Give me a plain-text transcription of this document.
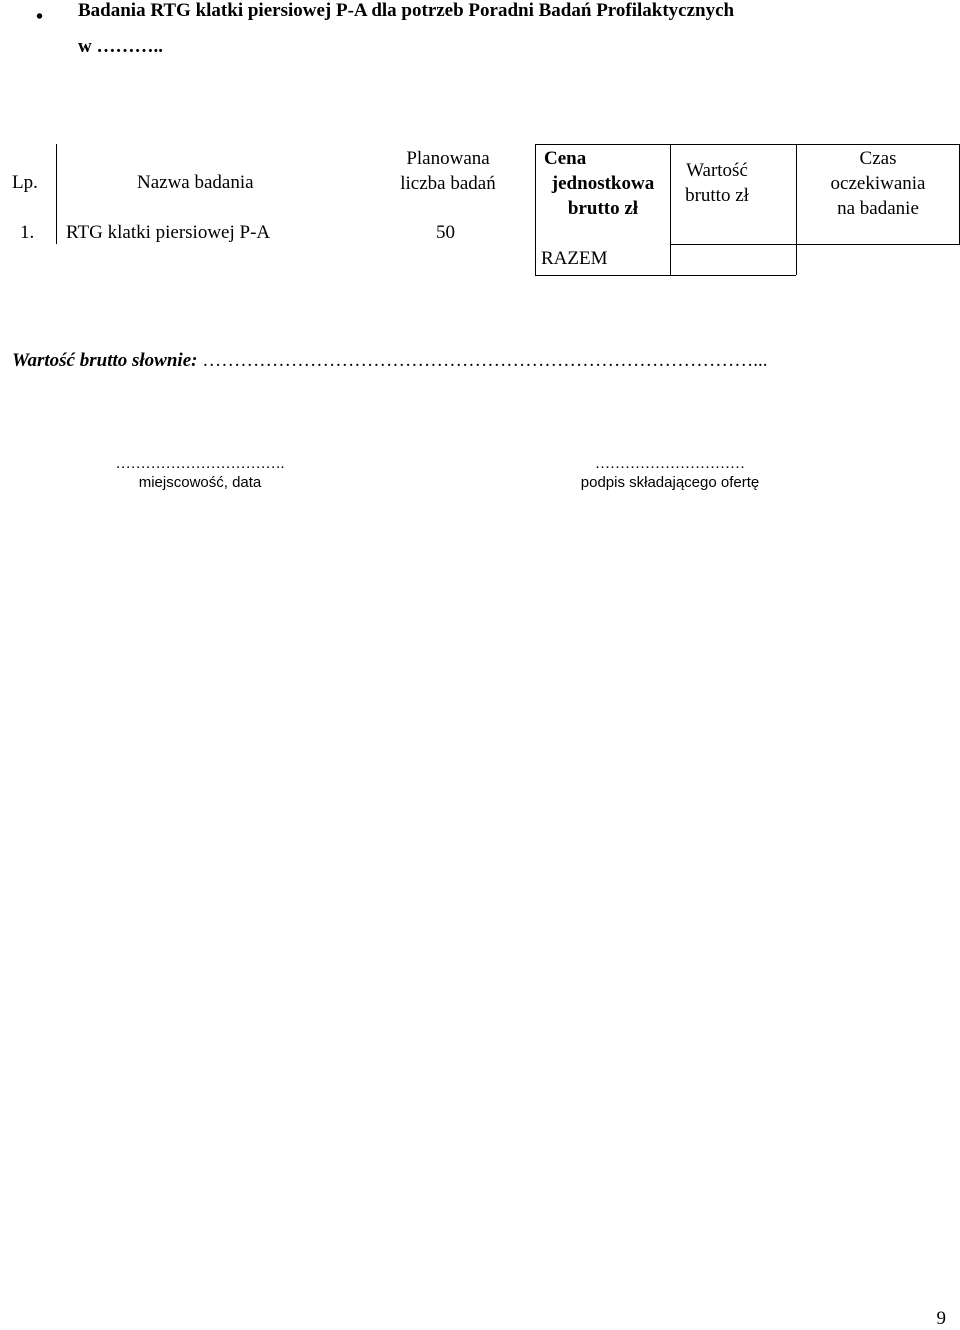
• Badania RTG klatki piersiowej P-A dla potrzeb Poradni Badań Profilaktycznych
w ………..
Lp.	Nazwa badania
Planowana
liczba badań
Cena
jednostkowa
brutto zł
Wartość
brutto zł
Czas
oczekiwania
na badanie
1. RTG klatki piersiowej P-A	50
RAZEM
Wartość brutto słownie: ……………………………………………………………………………...
…………………………….
miejscowość, data
…………………………
podpis składającego ofertę
9
